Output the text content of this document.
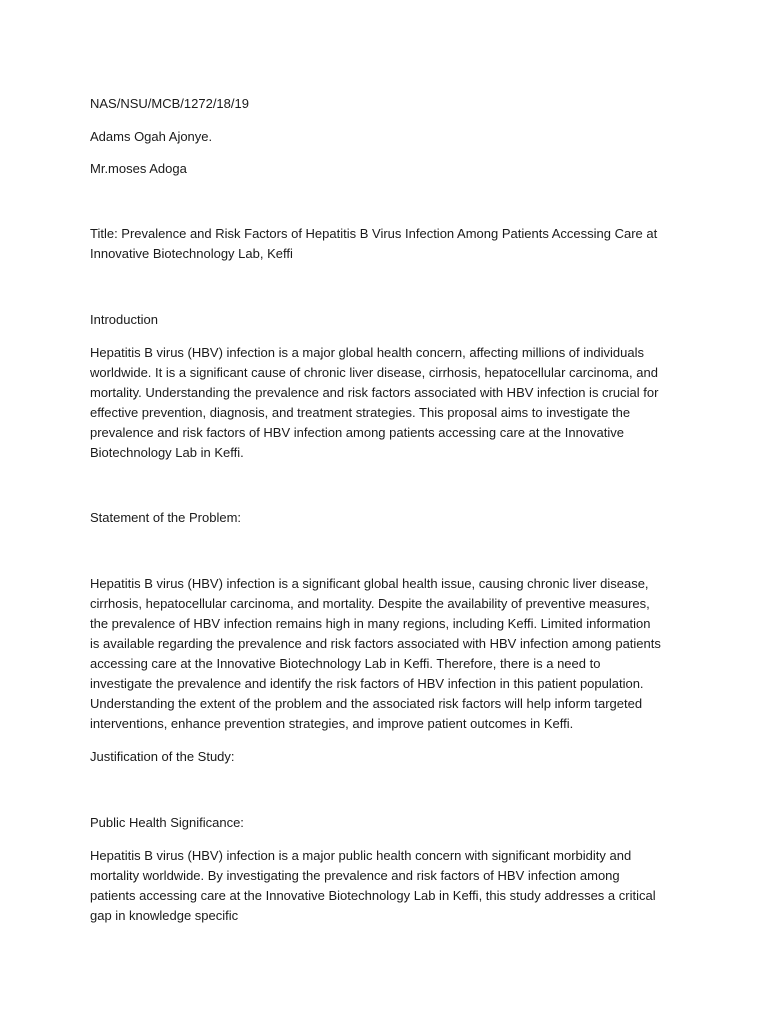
NAS/NSU/MCB/1272/18/19

Adams Ogah Ajonye.

Mr.moses Adoga

Title: Prevalence and Risk Factors of Hepatitis B Virus Infection Among Patients Accessing Care at Innovative Biotechnology Lab, Keffi

Introduction

Hepatitis B virus (HBV) infection is a major global health concern, affecting millions of individuals worldwide. It is a significant cause of chronic liver disease, cirrhosis, hepatocellular carcinoma, and mortality. Understanding the prevalence and risk factors associated with HBV infection is crucial for effective prevention, diagnosis, and treatment strategies. This proposal aims to investigate the prevalence and risk factors of HBV infection among patients accessing care at the Innovative Biotechnology Lab in Keffi.

Statement of the Problem:

Hepatitis B virus (HBV) infection is a significant global health issue, causing chronic liver disease, cirrhosis, hepatocellular carcinoma, and mortality. Despite the availability of preventive measures, the prevalence of HBV infection remains high in many regions, including Keffi. Limited information is available regarding the prevalence and risk factors associated with HBV infection among patients accessing care at the Innovative Biotechnology Lab in Keffi. Therefore, there is a need to investigate the prevalence and identify the risk factors of HBV infection in this patient population. Understanding the extent of the problem and the associated risk factors will help inform targeted interventions, enhance prevention strategies, and improve patient outcomes in Keffi.

Justification of the Study:

Public Health Significance:

Hepatitis B virus (HBV) infection is a major public health concern with significant morbidity and mortality worldwide. By investigating the prevalence and risk factors of HBV infection among patients accessing care at the Innovative Biotechnology Lab in Keffi, this study addresses a critical gap in knowledge specific
